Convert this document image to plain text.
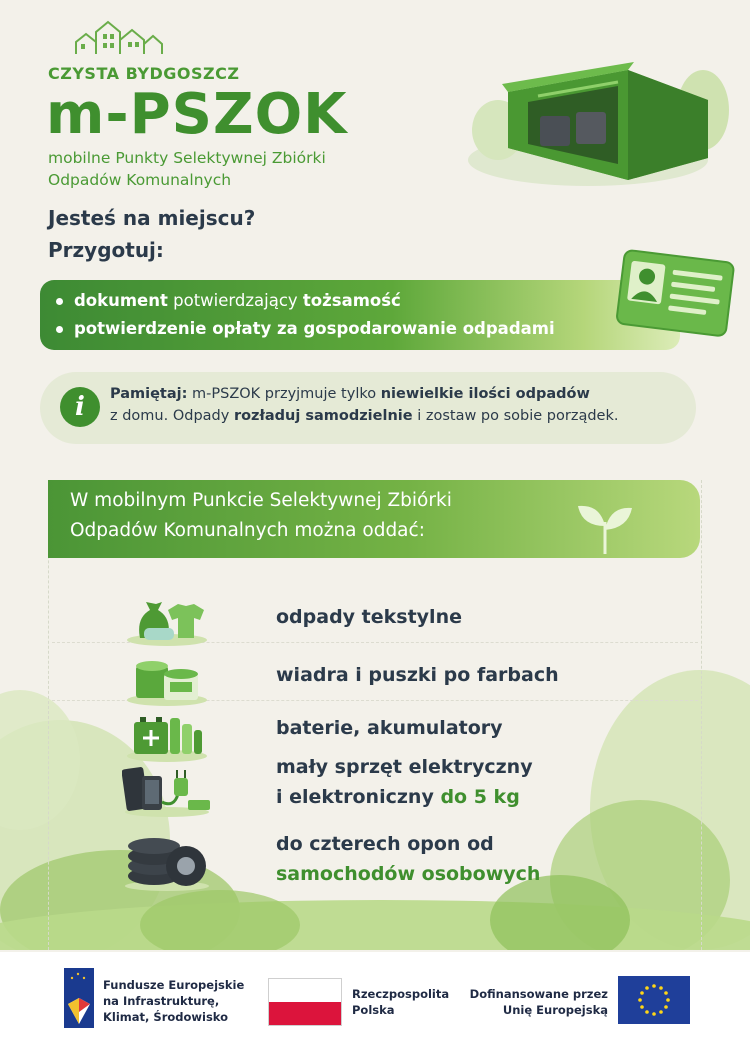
CZYSTA BYDGOSZCZ
m-PSZOK
mobilne Punkty Selektywnej Zbiórki
Odpadów Komunalnych
Jesteś na miejscu?
Przygotuj:
dokument potwierdzający tożsamość
potwierdzenie opłaty za gospodarowanie odpadami
i	Pamiętaj: m-PSZOK przyjmuje tylko niewielkie ilości odpadów
z domu. Odpady rozładuj samodzielnie i zostaw po sobie porządek.
W mobilnym Punkcie Selektywnej Zbiórki
Odpadów Komunalnych można oddać:
odpady tekstylne
wiadra i puszki po farbach
baterie, akumulatory
mały sprzęt elektryczny
i elektroniczny do 5 kg
do czterech opon od
samochodów osobowych
Fundusze Europejskie
na Infrastrukturę,
Klimat, Środowisko
Rzeczpospolita
Polska
Dofinansowane przez
Unię Europejską
